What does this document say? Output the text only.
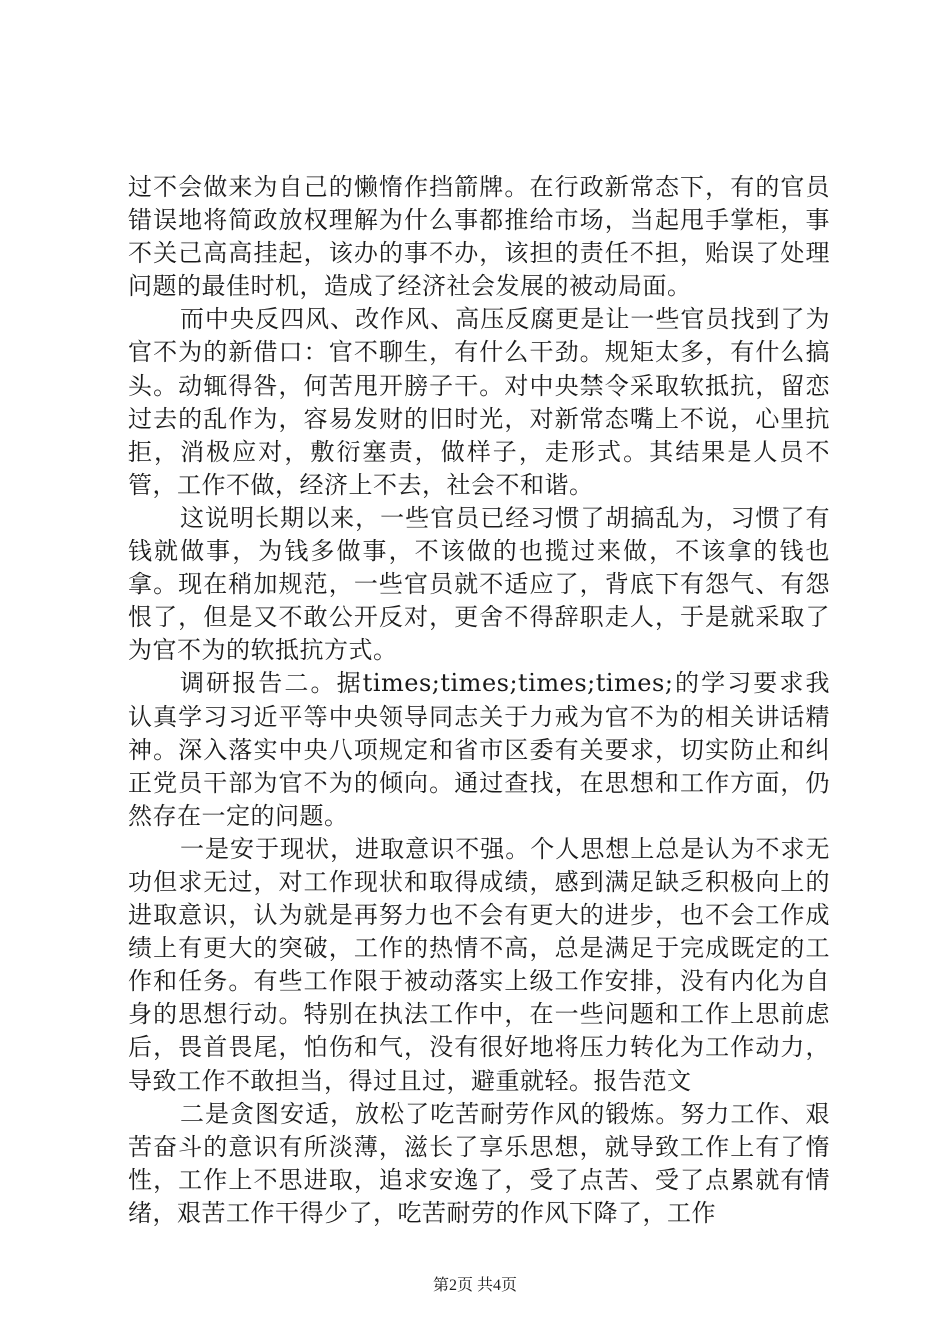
过不会做来为自己的懒惰作挡箭牌。在行政新常态下，有的官员错误地将简政放权理解为什么事都推给市场，当起甩手掌柜，事不关己高高挂起，该办的事不办，该担的责任不担，贻误了处理问题的最佳时机，造成了经济社会发展的被动局面。

而中央反四风、改作风、高压反腐更是让一些官员找到了为官不为的新借口：官不聊生，有什么干劲。规矩太多，有什么搞头。动辄得咎，何苦甩开膀子干。对中央禁令采取软抵抗，留恋过去的乱作为，容易发财的旧时光，对新常态嘴上不说，心里抗拒，消极应对，敷衍塞责，做样子，走形式。其结果是人员不管，工作不做，经济上不去，社会不和谐。

这说明长期以来，一些官员已经习惯了胡搞乱为，习惯了有钱就做事，为钱多做事，不该做的也揽过来做，不该拿的钱也拿。现在稍加规范，一些官员就不适应了，背底下有怨气、有怨恨了，但是又不敢公开反对，更舍不得辞职走人，于是就采取了为官不为的软抵抗方式。

调研报告二。据times;times;times;times;的学习要求我认真学习习近平等中央领导同志关于力戒为官不为的相关讲话精神。深入落实中央八项规定和省市区委有关要求，切实防止和纠正党员干部为官不为的倾向。通过查找，在思想和工作方面，仍然存在一定的问题。

一是安于现状，进取意识不强。个人思想上总是认为不求无功但求无过，对工作现状和取得成绩，感到满足缺乏积极向上的进取意识，认为就是再努力也不会有更大的进步，也不会工作成绩上有更大的突破，工作的热情不高，总是满足于完成既定的工作和任务。有些工作限于被动落实上级工作安排，没有内化为自身的思想行动。特别在执法工作中，在一些问题和工作上思前虑后，畏首畏尾，怕伤和气，没有很好地将压力转化为工作动力，导致工作不敢担当，得过且过，避重就轻。报告范文

二是贪图安适，放松了吃苦耐劳作风的锻炼。努力工作、艰苦奋斗的意识有所淡薄，滋长了享乐思想，就导致工作上有了惰性，工作上不思进取，追求安逸了，受了点苦、受了点累就有情绪，艰苦工作干得少了，吃苦耐劳的作风下降了，工作

第2页 共4页
